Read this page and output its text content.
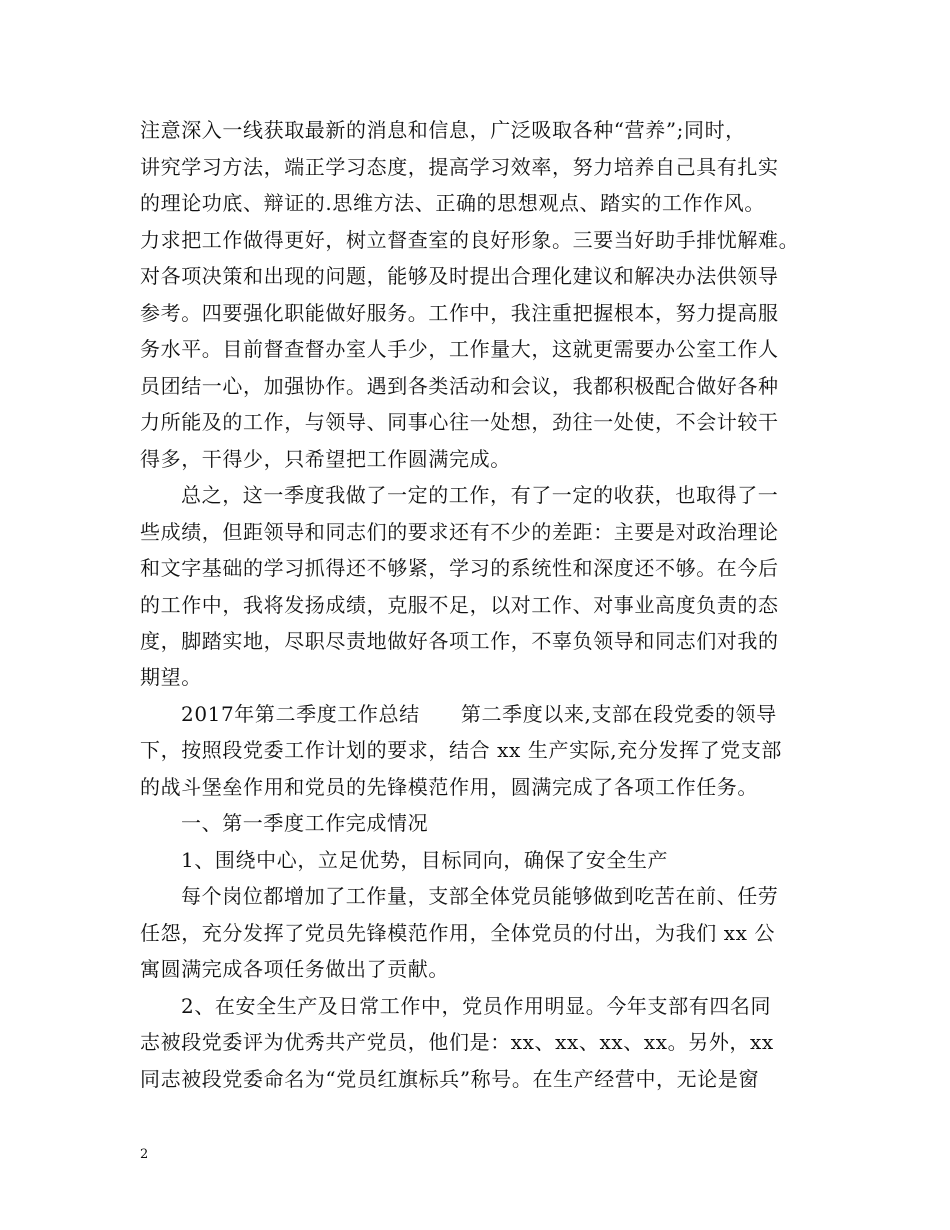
注意深入一线获取最新的消息和信息，广泛吸取各种“营养”;同时，
讲究学习方法，端正学习态度，提高学习效率，努力培养自己具有扎实
的理论功底、辩证的.思维方法、正确的思想观点、踏实的工作作风。
力求把工作做得更好，树立督查室的良好形象。三要当好助手排忧解难。
对各项决策和出现的问题，能够及时提出合理化建议和解决办法供领导
参考。四要强化职能做好服务。工作中，我注重把握根本，努力提高服
务水平。目前督查督办室人手少，工作量大，这就更需要办公室工作人
员团结一心，加强协作。遇到各类活动和会议，我都积极配合做好各种
力所能及的工作，与领导、同事心往一处想，劲往一处使，不会计较干
得多，干得少，只希望把工作圆满完成。
总之，这一季度我做了一定的工作，有了一定的收获，也取得了一
些成绩，但距领导和同志们的要求还有不少的差距：主要是对政治理论
和文字基础的学习抓得还不够紧，学习的系统性和深度还不够。在今后
的工作中，我将发扬成绩，克服不足，以对工作、对事业高度负责的态
度，脚踏实地，尽职尽责地做好各项工作，不辜负领导和同志们对我的
期望。
2017年第二季度工作总结　　第二季度以来,支部在段党委的领导
下，按照段党委工作计划的要求，结合 xx 生产实际,充分发挥了党支部
的战斗堡垒作用和党员的先锋模范作用，圆满完成了各项工作任务。
一、第一季度工作完成情况
1、围绕中心，立足优势，目标同向，确保了安全生产
每个岗位都增加了工作量，支部全体党员能够做到吃苦在前、任劳
任怨，充分发挥了党员先锋模范作用，全体党员的付出，为我们 xx 公
寓圆满完成各项任务做出了贡献。
2、在安全生产及日常工作中，党员作用明显。今年支部有四名同
志被段党委评为优秀共产党员，他们是：xx、xx、xx、xx。另外，xx
同志被段党委命名为“党员红旗标兵”称号。在生产经营中，无论是窗
2
